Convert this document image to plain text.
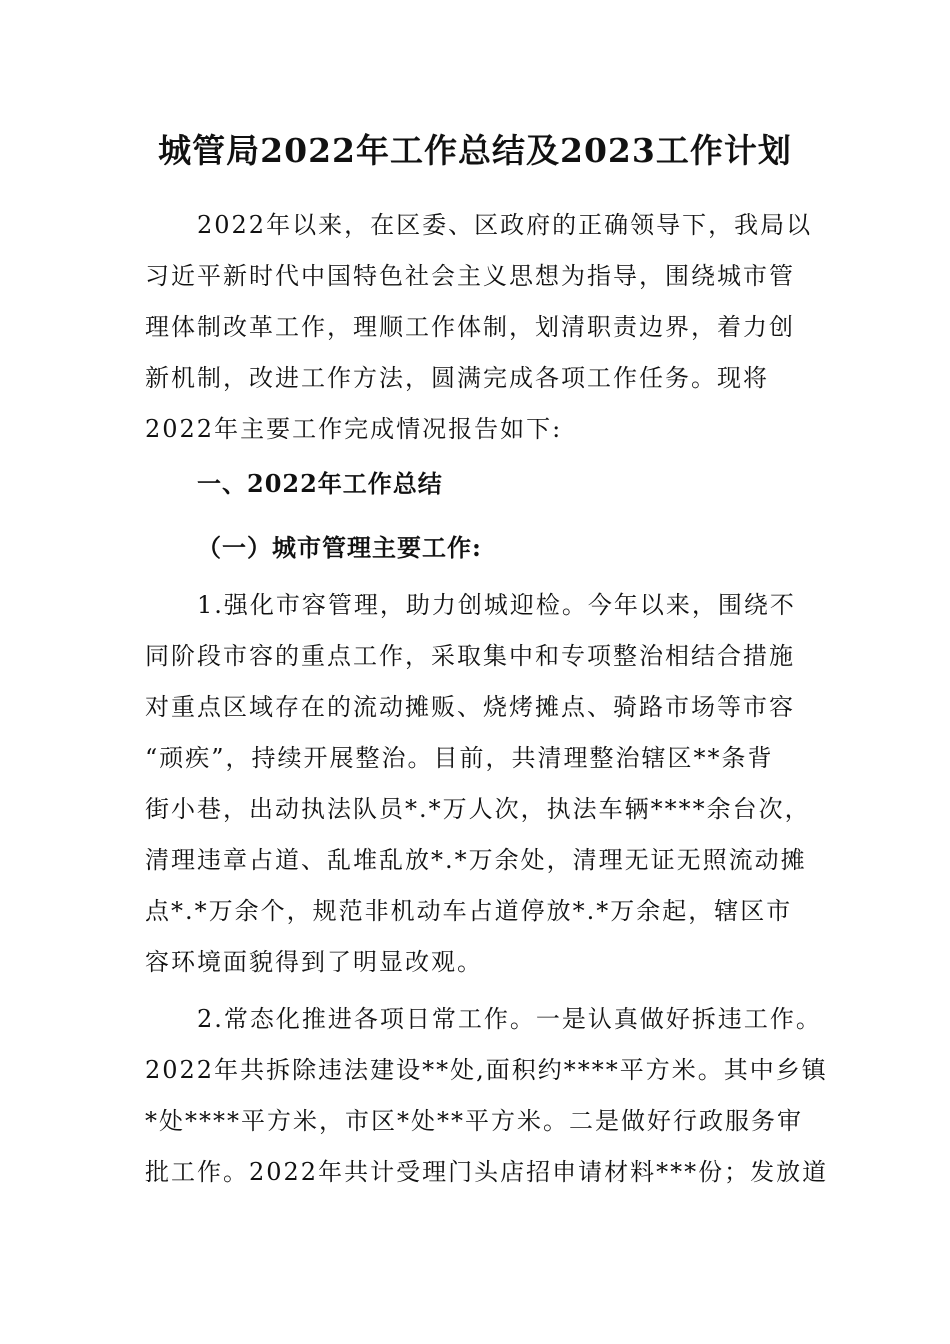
城管局2022年工作总结及2023工作计划
2022年以来，在区委、区政府的正确领导下，我局以
习近平新时代中国特色社会主义思想为指导，围绕城市管
理体制改革工作，理顺工作体制，划清职责边界，着力创
新机制，改进工作方法，圆满完成各项工作任务。现将
2022年主要工作完成情况报告如下:
一、2022年工作总结
（一）城市管理主要工作:
1.强化市容管理，助力创城迎检。今年以来，围绕不
同阶段市容的重点工作，采取集中和专项整治相结合措施
对重点区域存在的流动摊贩、烧烤摊点、骑路市场等市容
“顽疾”，持续开展整治。目前，共清理整治辖区**条背
街小巷，出动执法队员*.*万人次，执法车辆****余台次，
清理违章占道、乱堆乱放*.*万余处，清理无证无照流动摊
点*.*万余个，规范非机动车占道停放*.*万余起，辖区市
容环境面貌得到了明显改观。
2.常态化推进各项日常工作。一是认真做好拆违工作。
2022年共拆除违法建设**处,面积约****平方米。其中乡镇
*处****平方米，市区*处**平方米。二是做好行政服务审
批工作。2022年共计受理门头店招申请材料***份；发放道
